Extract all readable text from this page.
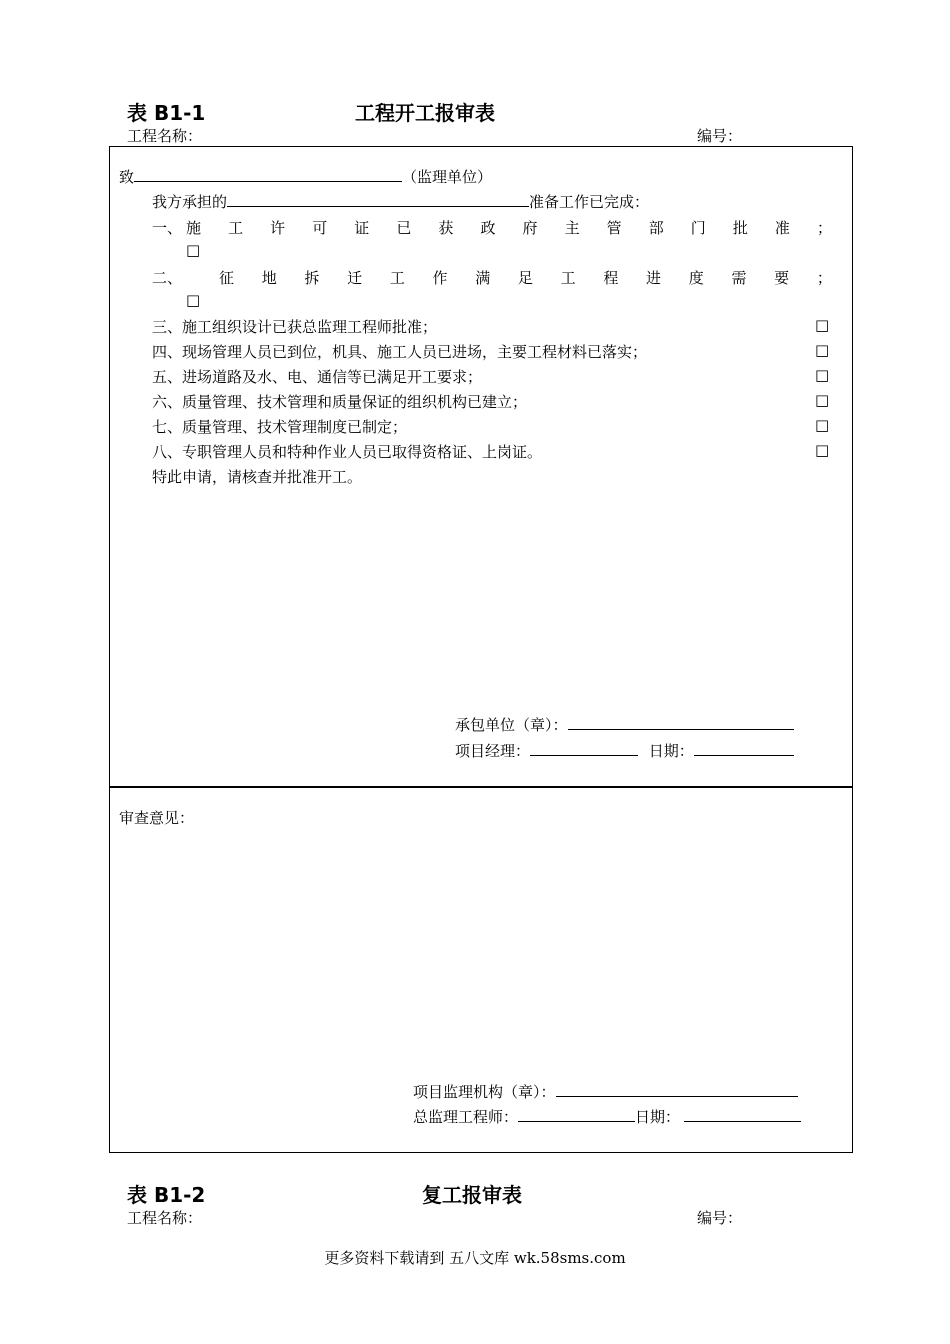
表 B1-1	工程开工报审表
工程名称：	编号：
致	（监理单位）
我方承担的	准备工作已完成：
一、 施 工 许 可 证 已 获 政 府 主 管 部 门 批 准 ；
□
二、 征 地 拆 迁 工 作 满 足 工 程 进 度 需 要 ；
□
三、施工组织设计已获总监理工程师批准；	□
四、现场管理人员已到位，机具、施工人员已进场，主要工程材料已落实；	□
五、进场道路及水、电、通信等已满足开工要求；	□
六、质量管理、技术管理和质量保证的组织机构已建立；	□
七、质量管理、技术管理制度已制定；	□
八、专职管理人员和特种作业人员已取得资格证、上岗证。	□
特此申请，请核查并批准开工。
承包单位（章）：
项目经理：	日期：
审查意见：
项目监理机构（章）：
总监理工程师：	日期：
表 B1-2	复工报审表
工程名称：	编号：
更多资料下载请到 五八文库 wk.58sms.com
